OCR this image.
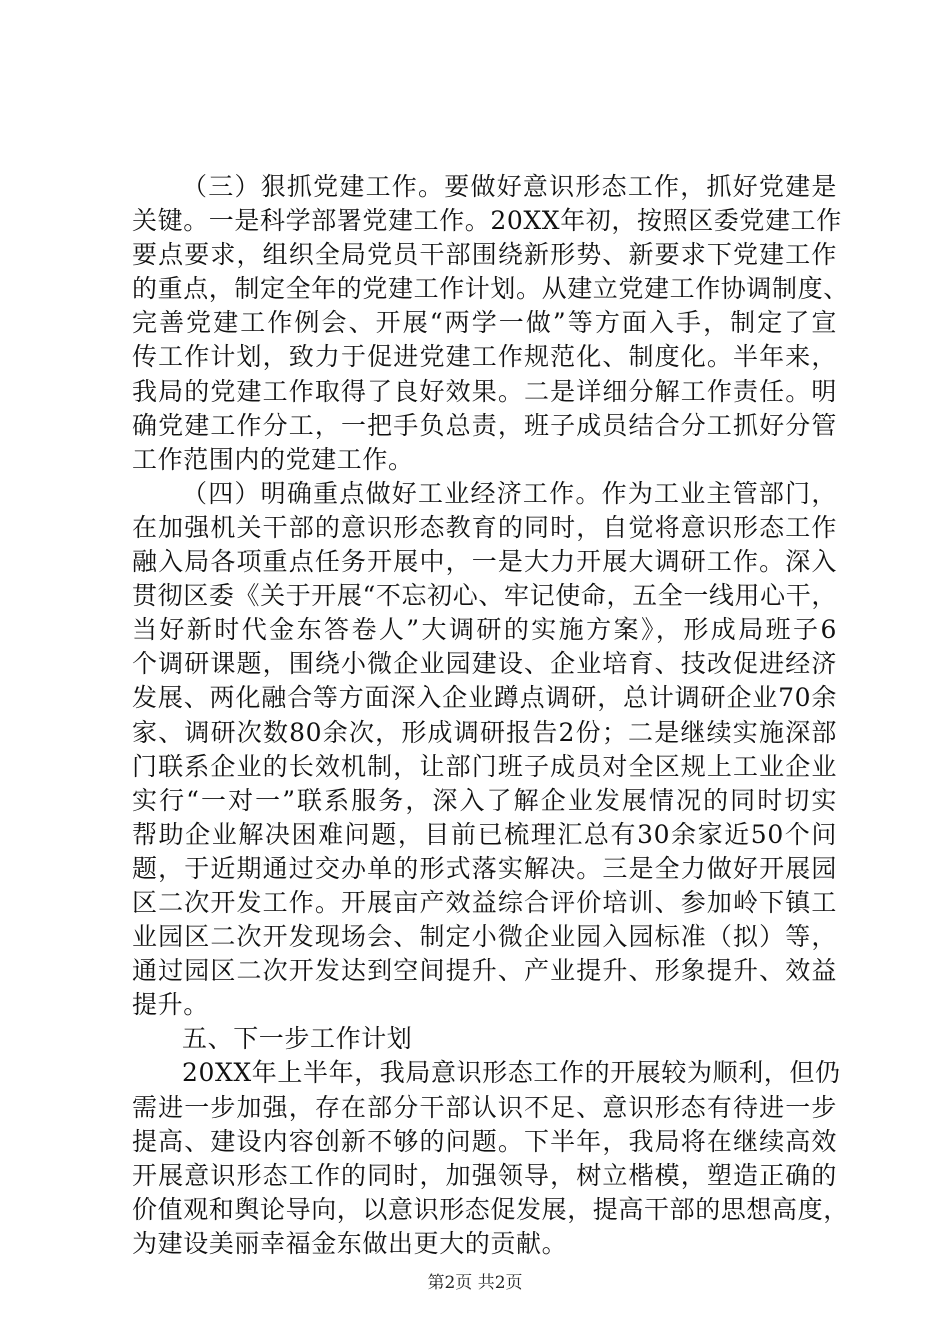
（三）狠抓党建工作。要做好意识形态工作，抓好党建是
关键。一是科学部署党建工作。20XX年初，按照区委党建工作
要点要求，组织全局党员干部围绕新形势、新要求下党建工作
的重点，制定全年的党建工作计划。从建立党建工作协调制度、
完善党建工作例会、开展“两学一做”等方面入手，制定了宣
传工作计划，致力于促进党建工作规范化、制度化。半年来，
我局的党建工作取得了良好效果。二是详细分解工作责任。明
确党建工作分工，一把手负总责，班子成员结合分工抓好分管
工作范围内的党建工作。
（四）明确重点做好工业经济工作。作为工业主管部门，
在加强机关干部的意识形态教育的同时，自觉将意识形态工作
融入局各项重点任务开展中，一是大力开展大调研工作。深入
贯彻区委《关于开展“不忘初心、牢记使命，五全一线用心干，
当好新时代金东答卷人”大调研的实施方案》，形成局班子6
个调研课题，围绕小微企业园建设、企业培育、技改促进经济
发展、两化融合等方面深入企业蹲点调研，总计调研企业70余
家、调研次数80余次，形成调研报告2份；二是继续实施深部
门联系企业的长效机制，让部门班子成员对全区规上工业企业
实行“一对一”联系服务，深入了解企业发展情况的同时切实
帮助企业解决困难问题，目前已梳理汇总有30余家近50个问
题，于近期通过交办单的形式落实解决。三是全力做好开展园
区二次开发工作。开展亩产效益综合评价培训、参加岭下镇工
业园区二次开发现场会、制定小微企业园入园标准（拟）等，
通过园区二次开发达到空间提升、产业提升、形象提升、效益
提升。
五、下一步工作计划
20XX年上半年，我局意识形态工作的开展较为顺利，但仍
需进一步加强，存在部分干部认识不足、意识形态有待进一步
提高、建设内容创新不够的问题。下半年，我局将在继续高效
开展意识形态工作的同时，加强领导，树立楷模，塑造正确的
价值观和舆论导向，以意识形态促发展，提高干部的思想高度，
为建设美丽幸福金东做出更大的贡献。
第2页 共2页
